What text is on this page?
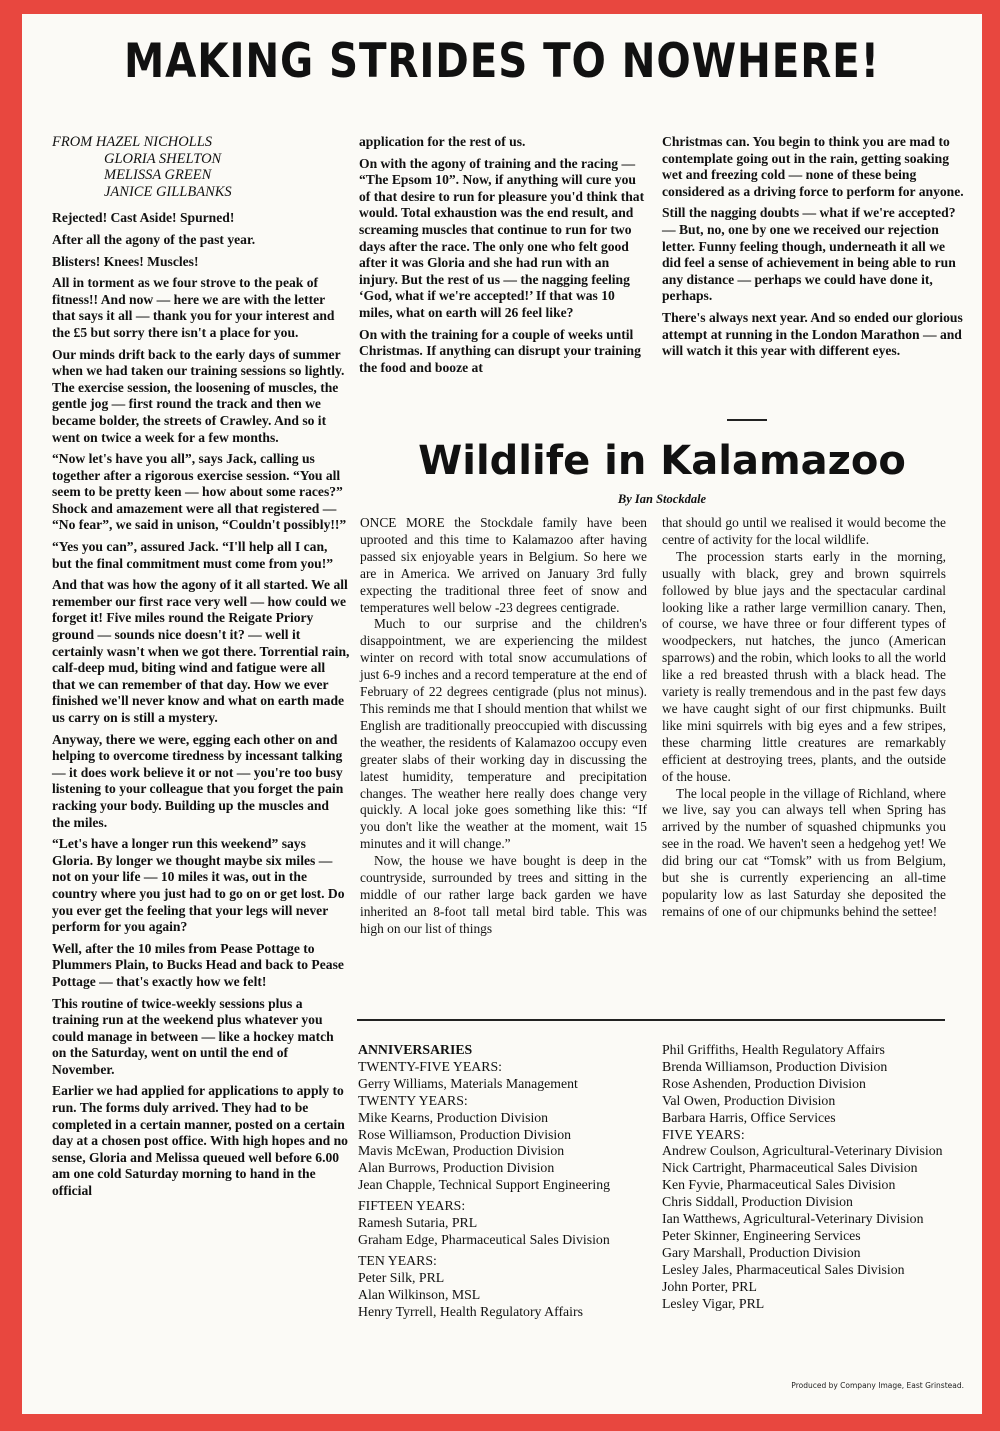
MAKING STRIDES TO NOWHERE!
FROM HAZEL NICHOLLS
GLORIA SHELTON
MELISSA GREEN
JANICE GILLBANKS

Rejected! Cast Aside! Spurned!

After all the agony of the past year.

Blisters! Knees! Muscles!

All in torment as we four strove to the peak of fitness!! And now — here we are with the letter that says it all — thank you for your interest and the £5 but sorry there isn't a place for you.

Our minds drift back to the early days of summer when we had taken our training sessions so lightly. The exercise session, the loosening of muscles, the gentle jog — first round the track and then we became bolder, the streets of Crawley. And so it went on twice a week for a few months.

“Now let's have you all”, says Jack, calling us together after a rigorous exercise session. “You all seem to be pretty keen — how about some races?” Shock and amazement were all that registered — “No fear”, we said in unison, “Couldn't possibly!!”

“Yes you can”, assured Jack. “I'll help all I can, but the final commitment must come from you!”

And that was how the agony of it all started. We all remember our first race very well — how could we forget it! Five miles round the Reigate Priory ground — sounds nice doesn't it? — well it certainly wasn't when we got there. Torrential rain, calf-deep mud, biting wind and fatigue were all that we can remember of that day. How we ever finished we'll never know and what on earth made us carry on is still a mystery.

Anyway, there we were, egging each other on and helping to overcome tiredness by incessant talking — it does work believe it or not — you're too busy listening to your colleague that you forget the pain racking your body. Building up the muscles and the miles.

“Let's have a longer run this weekend” says Gloria. By longer we thought maybe six miles — not on your life — 10 miles it was, out in the country where you just had to go on or get lost. Do you ever get the feeling that your legs will never perform for you again?

Well, after the 10 miles from Pease Pottage to Plummers Plain, to Bucks Head and back to Pease Pottage — that's exactly how we felt!

This routine of twice-weekly sessions plus a training run at the weekend plus whatever you could manage in between — like a hockey match on the Saturday, went on until the end of November.

Earlier we had applied for applications to apply to run. The forms duly arrived. They had to be completed in a certain manner, posted on a certain day at a chosen post office. With high hopes and no sense, Gloria and Melissa queued well before 6.00 am one cold Saturday morning to hand in the official

application for the rest of us.

On with the agony of training and the racing — “The Epsom 10”. Now, if anything will cure you of that desire to run for pleasure you'd think that would. Total exhaustion was the end result, and screaming muscles that continue to run for two days after the race. The only one who felt good after it was Gloria and she had run with an injury. But the rest of us — the nagging feeling ‘God, what if we're accepted!’ If that was 10 miles, what on earth will 26 feel like?

On with the training for a couple of weeks until Christmas. If anything can disrupt your training the food and booze at

Christmas can. You begin to think you are mad to contemplate going out in the rain, getting soaking wet and freezing cold — none of these being considered as a driving force to perform for anyone.

Still the nagging doubts — what if we're accepted? — But, no, one by one we received our rejection letter. Funny feeling though, underneath it all we did feel a sense of achievement in being able to run any distance — perhaps we could have done it, perhaps.

There's always next year. And so ended our glorious attempt at running in the London Marathon — and will watch it this year with different eyes.

Wildlife in Kalamazoo
By Ian Stockdale

ONCE MORE the Stockdale family have been uprooted and this time to Kalamazoo after having passed six enjoyable years in Belgium. So here we are in America. We arrived on January 3rd fully expecting the traditional three feet of snow and temperatures well below -23 degrees centigrade.

Much to our surprise and the children's disappointment, we are experiencing the mildest winter on record with total snow accumulations of just 6-9 inches and a record temperature at the end of February of 22 degrees centigrade (plus not minus). This reminds me that I should mention that whilst we English are traditionally preoccupied with discussing the weather, the residents of Kalamazoo occupy even greater slabs of their working day in discussing the latest humidity, temperature and precipitation changes. The weather here really does change very quickly. A local joke goes something like this: “If you don't like the weather at the moment, wait 15 minutes and it will change.”

Now, the house we have bought is deep in the countryside, surrounded by trees and sitting in the middle of our rather large back garden we have inherited an 8-foot tall metal bird table. This was high on our list of things

that should go until we realised it would become the centre of activity for the local wildlife.

The procession starts early in the morning, usually with black, grey and brown squirrels followed by blue jays and the spectacular cardinal looking like a rather large vermillion canary. Then, of course, we have three or four different types of woodpeckers, nut hatches, the junco (American sparrows) and the robin, which looks to all the world like a red breasted thrush with a black head. The variety is really tremendous and in the past few days we have caught sight of our first chipmunks. Built like mini squirrels with big eyes and a few stripes, these charming little creatures are remarkably efficient at destroying trees, plants, and the outside of the house.

The local people in the village of Richland, where we live, say you can always tell when Spring has arrived by the number of squashed chipmunks you see in the road. We haven't seen a hedgehog yet! We did bring our cat “Tomsk” with us from Belgium, but she is currently experiencing an all-time popularity low as last Saturday she deposited the remains of one of our chipmunks behind the settee!

ANNIVERSARIES
TWENTY-FIVE YEARS:
Gerry Williams, Materials Management
TWENTY YEARS:
Mike Kearns, Production Division
Rose Williamson, Production Division
Mavis McEwan, Production Division
Alan Burrows, Production Division
Jean Chapple, Technical Support Engineering
FIFTEEN YEARS:
Ramesh Sutaria, PRL
Graham Edge, Pharmaceutical Sales Division
TEN YEARS:
Peter Silk, PRL
Alan Wilkinson, MSL
Henry Tyrrell, Health Regulatory Affairs
Phil Griffiths, Health Regulatory Affairs
Brenda Williamson, Production Division
Rose Ashenden, Production Division
Val Owen, Production Division
Barbara Harris, Office Services
FIVE YEARS:
Andrew Coulson, Agricultural-Veterinary Division
Nick Cartright, Pharmaceutical Sales Division
Ken Fyvie, Pharmaceutical Sales Division
Chris Siddall, Production Division
Ian Watthews, Agricultural-Veterinary Division
Peter Skinner, Engineering Services
Gary Marshall, Production Division
Lesley Jales, Pharmaceutical Sales Division
John Porter, PRL
Lesley Vigar, PRL
Produced by Company Image, East Grinstead.
